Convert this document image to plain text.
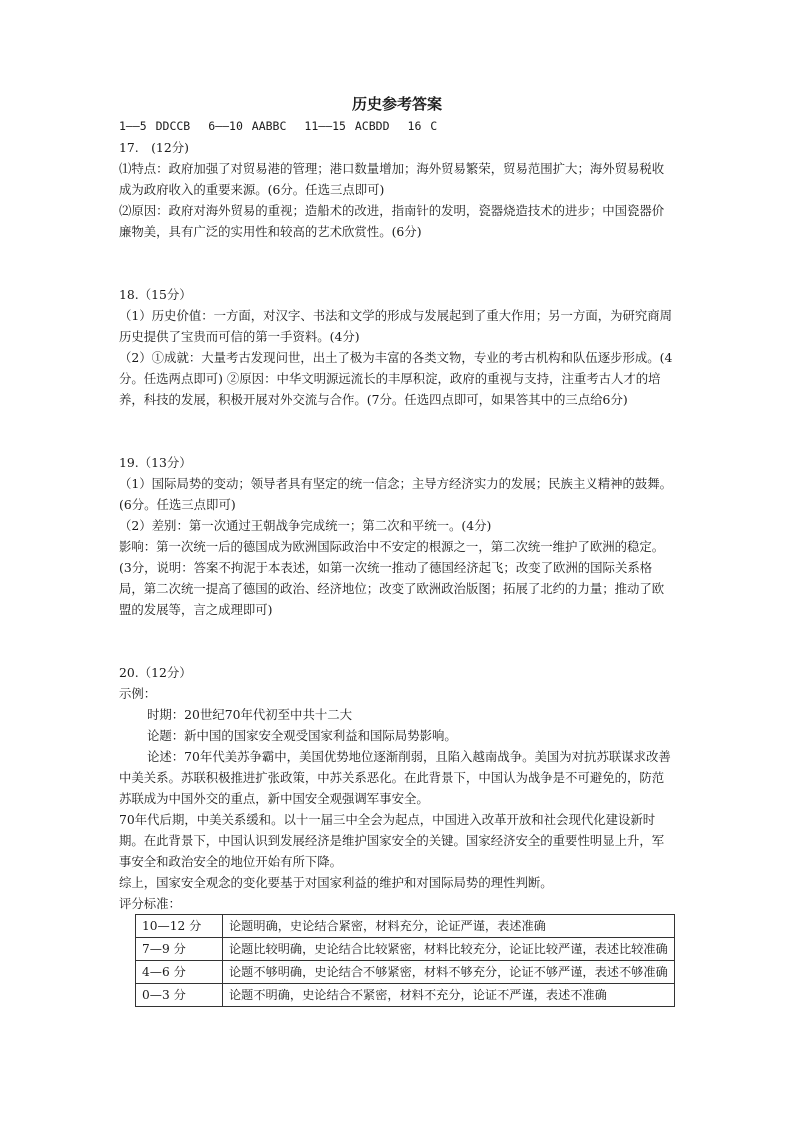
历史参考答案

1——5 DDCCB 6——10 AABBC 11——15 ACBDD 16 C

17.　(12分)

⑴特点：政府加强了对贸易港的管理；港口数量增加；海外贸易繁荣，贸易范围扩大；海外贸易税收成为政府收入的重要来源。(6分。任选三点即可)

⑵原因：政府对海外贸易的重视；造船术的改进，指南针的发明，瓷器烧造技术的进步；中国瓷器价廉物美，具有广泛的实用性和较高的艺术欣赏性。(6分)

18.（15分）

（1）历史价值：一方面，对汉字、书法和文学的形成与发展起到了重大作用；另一方面，为研究商周历史提供了宝贵而可信的第一手资料。(4分)

（2）①成就：大量考古发现问世，出土了极为丰富的各类文物，专业的考古机构和队伍逐步形成。(4 分。任选两点即可) ②原因：中华文明源远流长的丰厚积淀，政府的重视与支持，注重考古人才的培养，科技的发展，积极开展对外交流与合作。(7分。任选四点即可，如果答其中的三点给6分)

19.（13分）

（1）国际局势的变动；领导者具有坚定的统一信念；主导方经济实力的发展；民族主义精神的鼓舞。(6分。任选三点即可)

（2）差别：第一次通过王朝战争完成统一；第二次和平统一。(4分)

影响：第一次统一后的德国成为欧洲国际政治中不安定的根源之一，第二次统一维护了欧洲的稳定。(3分，说明：答案不拘泥于本表述，如第一次统一推动了德国经济起飞；改变了欧洲的国际关系格局，第二次统一提高了德国的政治、经济地位；改变了欧洲政治版图；拓展了北约的力量；推动了欧盟的发展等，言之成理即可)

20.（12分）

示例：

时期：20世纪70年代初至中共十二大

论题：新中国的国家安全观受国家利益和国际局势影响。

论述：70年代美苏争霸中，美国优势地位逐渐削弱，且陷入越南战争。美国为对抗苏联谋求改善中美关系。苏联积极推进扩张政策，中苏关系恶化。在此背景下，中国认为战争是不可避免的，防范苏联成为中国外交的重点，新中国安全观强调军事安全。

70年代后期，中美关系缓和。以十一届三中全会为起点，中国进入改革开放和社会现代化建设新时期。在此背景下，中国认识到发展经济是维护国家安全的关键。国家经济安全的重要性明显上升，军事安全和政治安全的地位开始有所下降。

综上，国家安全观念的变化要基于对国家利益的维护和对国际局势的理性判断。

评分标准：

10—12 分	论题明确，史论结合紧密，材料充分，论证严谨，表述准确
7—9 分	论题比较明确，史论结合比较紧密，材料比较充分，论证比较严谨，表述比较准确
4—6 分	论题不够明确，史论结合不够紧密，材料不够充分，论证不够严谨，表述不够准确
0—3 分	论题不明确，史论结合不紧密，材料不充分，论证不严谨，表述不准确
